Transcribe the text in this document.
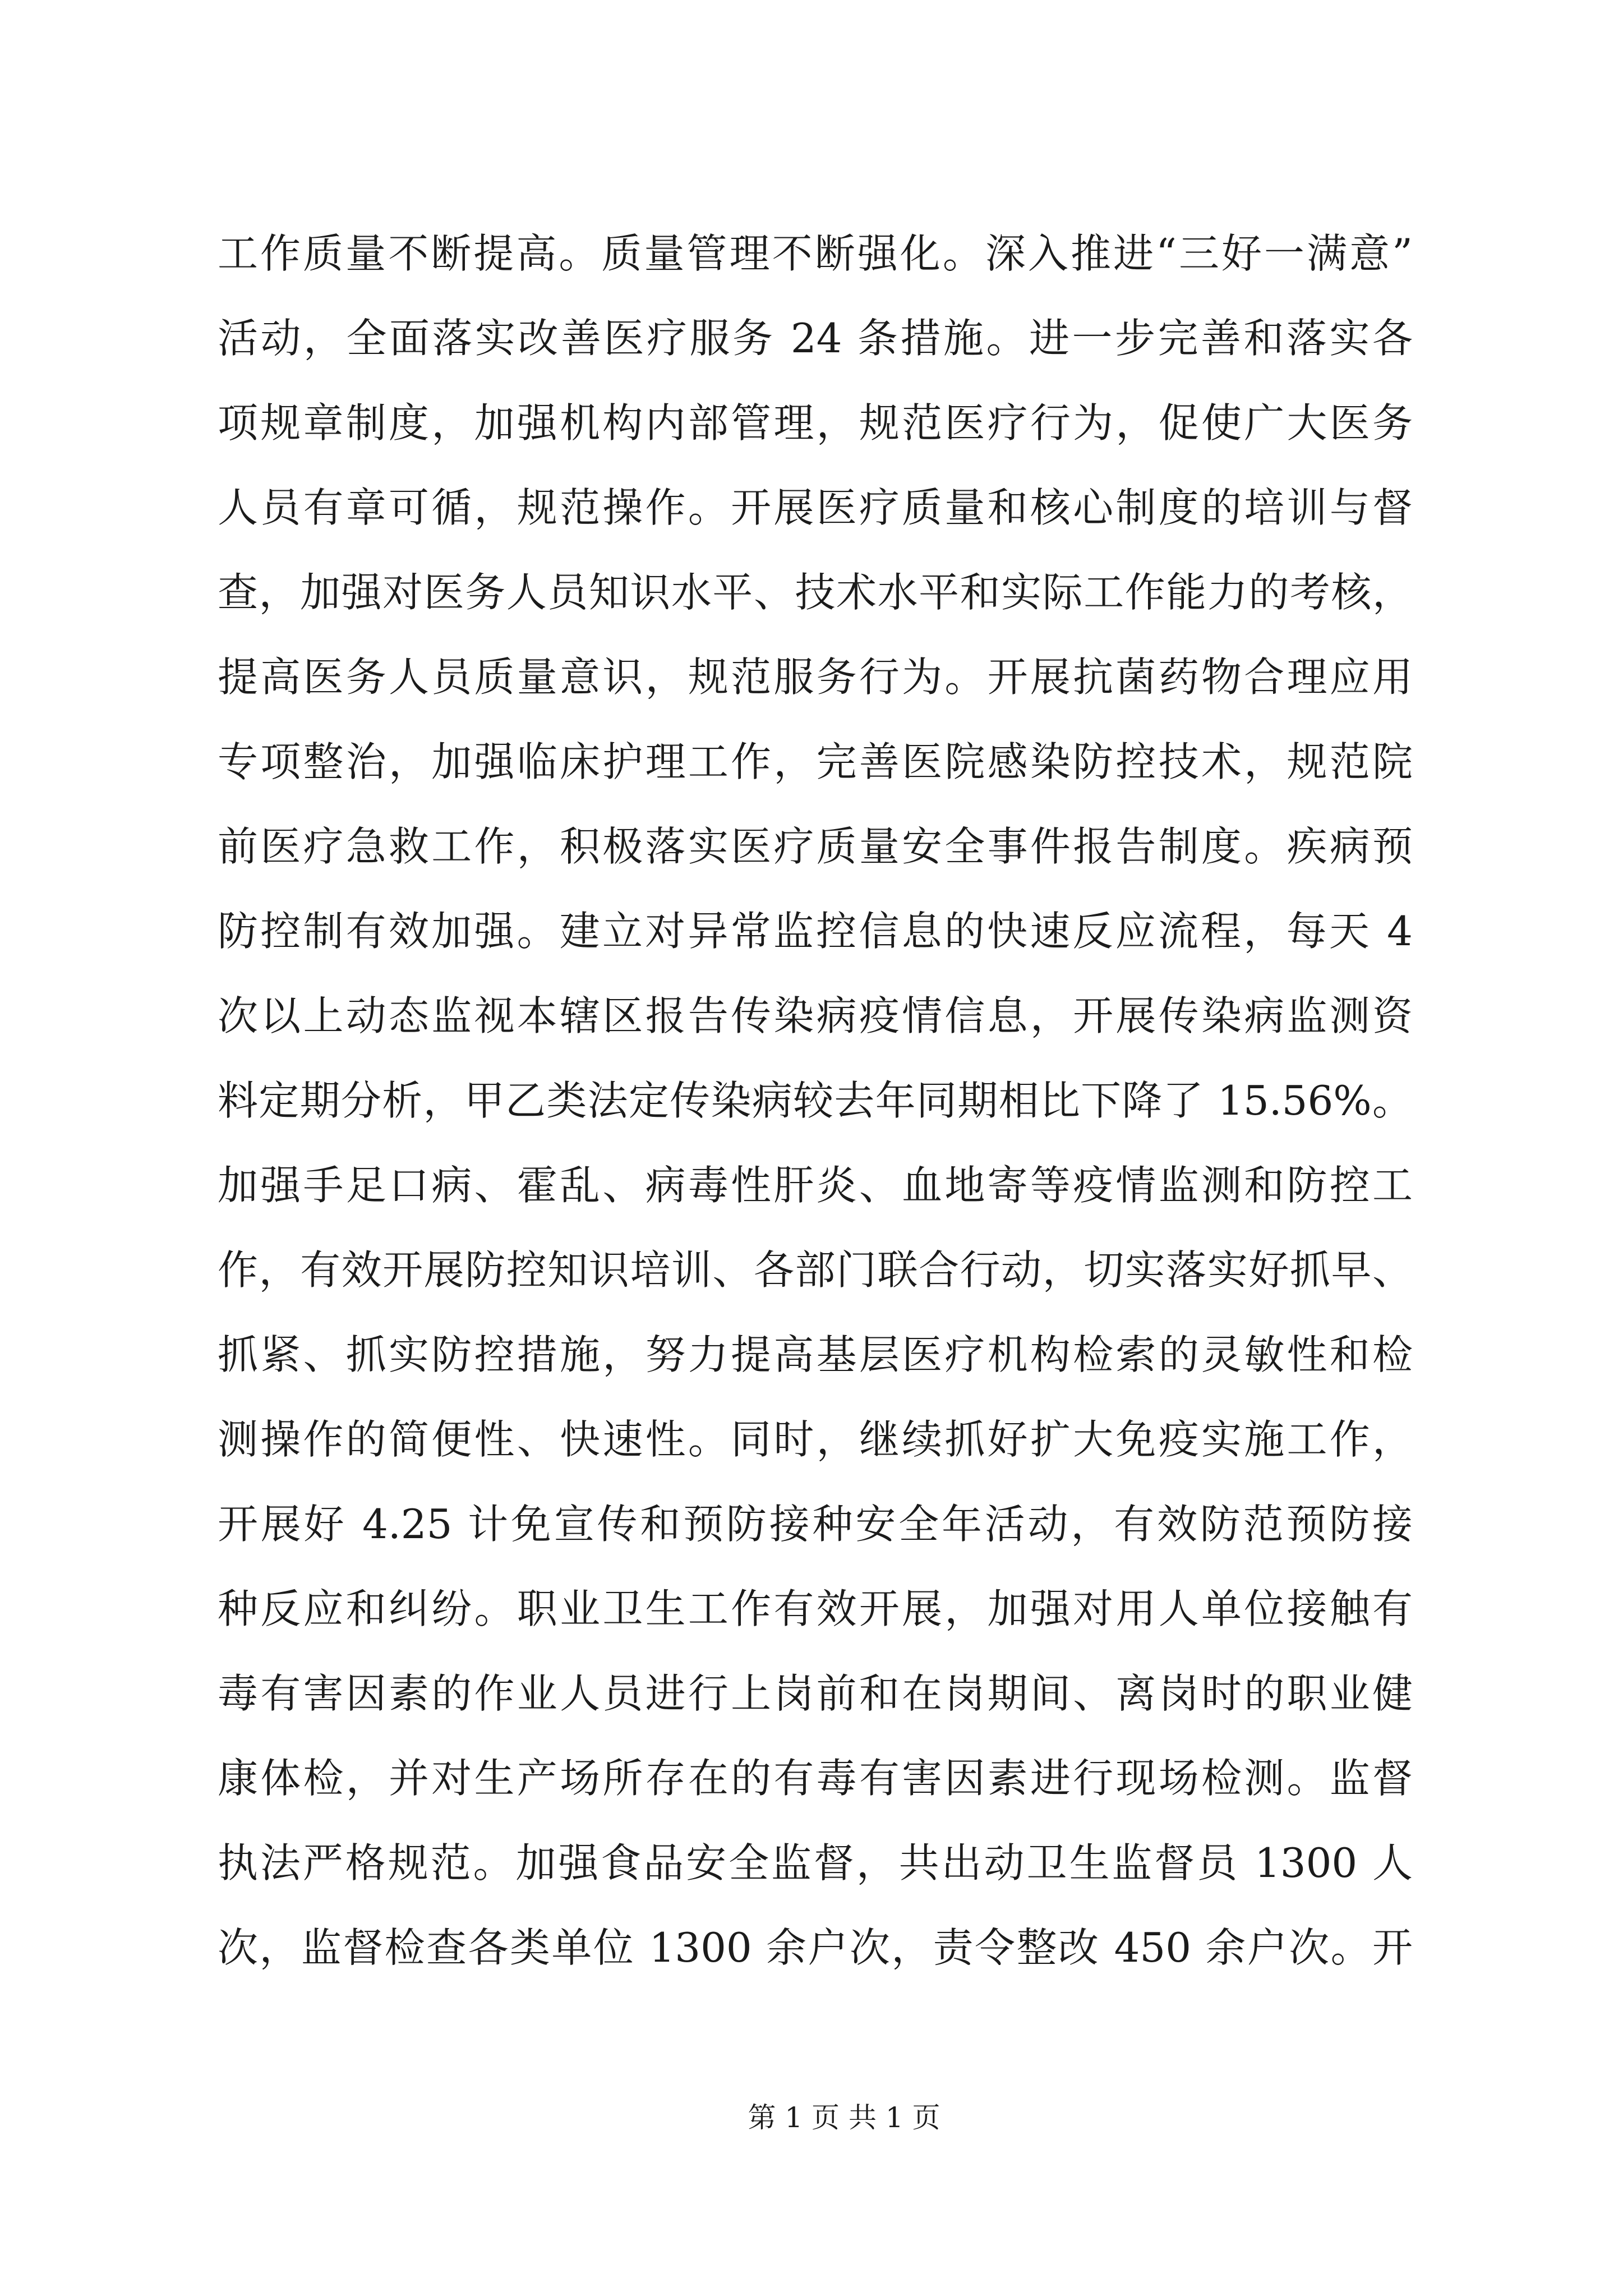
工作质量不断提高。质量管理不断强化。深入推进“三好一满意”
活动，全面落实改善医疗服务 24 条措施。进一步完善和落实各
项规章制度，加强机构内部管理，规范医疗行为，促使广大医务
人员有章可循，规范操作。开展医疗质量和核心制度的培训与督
查，加强对医务人员知识水平、技术水平和实际工作能力的考核，
提高医务人员质量意识，规范服务行为。开展抗菌药物合理应用
专项整治，加强临床护理工作，完善医院感染防控技术，规范院
前医疗急救工作，积极落实医疗质量安全事件报告制度。疾病预
防控制有效加强。建立对异常监控信息的快速反应流程，每天 4
次以上动态监视本辖区报告传染病疫情信息，开展传染病监测资
料定期分析，甲乙类法定传染病较去年同期相比下降了 15.56%。
加强手足口病、霍乱、病毒性肝炎、血地寄等疫情监测和防控工
作，有效开展防控知识培训、各部门联合行动，切实落实好抓早、
抓紧、抓实防控措施，努力提高基层医疗机构检索的灵敏性和检
测操作的简便性、快速性。同时，继续抓好扩大免疫实施工作，
开展好 4.25 计免宣传和预防接种安全年活动，有效防范预防接
种反应和纠纷。职业卫生工作有效开展，加强对用人单位接触有
毒有害因素的作业人员进行上岗前和在岗期间、离岗时的职业健
康体检，并对生产场所存在的有毒有害因素进行现场检测。监督
执法严格规范。加强食品安全监督，共出动卫生监督员 1300 人
次，监督检查各类单位 1300 余户次，责令整改 450 余户次。开
第 1 页 共 1 页
